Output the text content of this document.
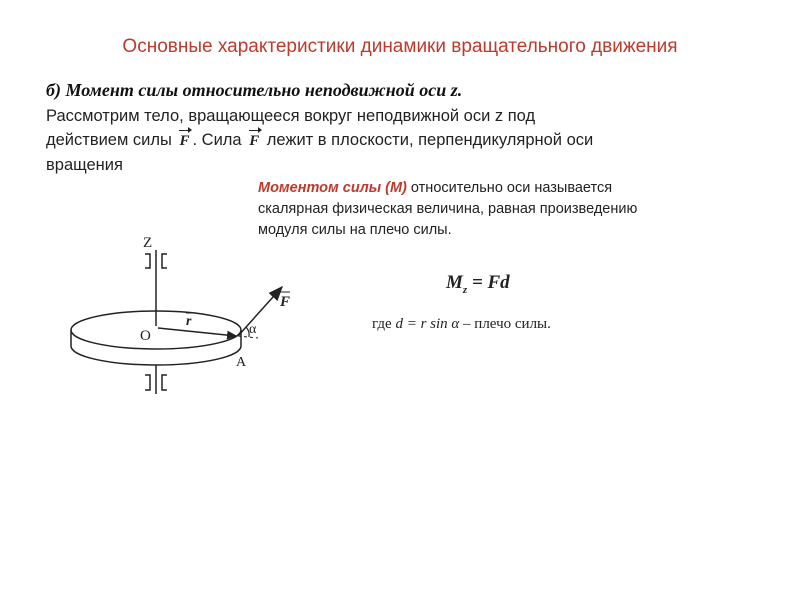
Основные характеристики динамики вращательного движения
б) Момент силы относительно неподвижной оси z.
Рассмотрим тело, вращающееся вокруг неподвижной оси z под
действием силы F . Сила F лежит в плоскости, перпендикулярной оси
вращения
Моментом силы (М) относительно оси называется
скалярная физическая величина, равная произведению
модуля силы на плечо силы.
$M_z = Fd$
где d = r sin α – плечо силы.
Z
O
A
r
F
α
